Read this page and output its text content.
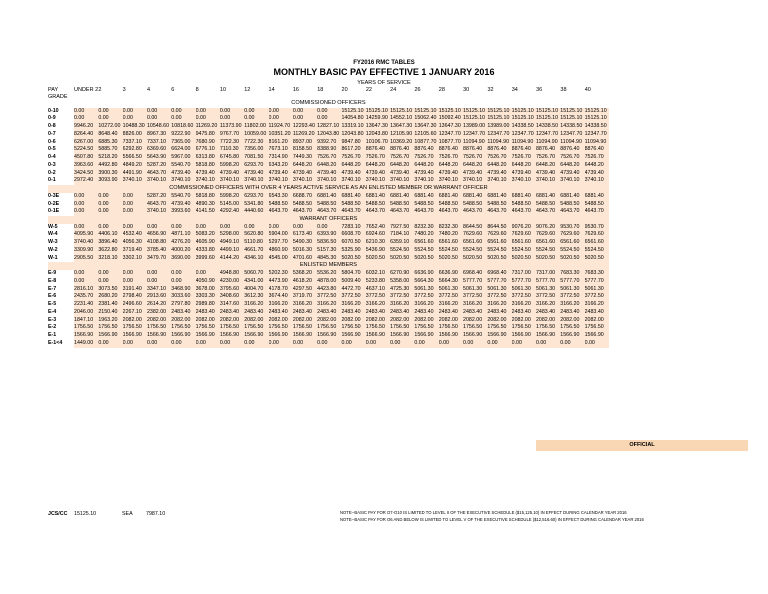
FY2016 RMC TABLES
MONTHLY BASIC PAY EFFECTIVE 1 JANUARY 2016
YEARS OF SERVICE
PAY	UNDER 2 2	3	4	6	8	10	12	14	16	18	20	22	24	26	28	30	32	34	36	38	40
GRADE
COMMISSIONED OFFICERS																						
0-10	0.00	0.00	0.00	0.00	0.00	0.00	0.00	0.00	0.00	0.00	0.00	15125.10	15125.10	15125.10	15125.10	15125.10	15125.10	15125.10	15125.10	15125.10	15125.10	15125.10
0-9	0.00	0.00	0.00	0.00	0.00	0.00	0.00	0.00	0.00	0.00	0.00	14054.80	14259.90	14552.10	15062.40	15092.40	15125.10	15125.10	15125.10	15125.10	15125.10	15125.10
0-8	9946.20	10272.00	10488.30	10548.60	10818.60	11269.20	11373.90	11802.00	11924.70	12293.40	12827.10	13319.10	13647.30	13647.30	13647.30	13647.30	13989.00	13989.00	14338.50	14338.50	14338.50	14338.50
0-7	8264.40	8648.40	8826.00	8967.30	9222.90	9475.80	9767.70	10059.00	10351.20	11269.20	12043.80	12043.80	12043.80	12105.90	12105.60	12347.70	12347.70	12347.70	12347.70	12347.70	12347.70	12347.70
0-6	6267.00	6885.30	7337.10	7337.10	7365.00	7680.90	7722.30	7722.30	8161.20	8937.00	9392.70	9847.80	10106.70	10369.20	10877.70	10877.70	11094.90	11094.90	11094.90	11094.90	11094.90	11094.90
0-5	5224.50	5885.70	6292.80	6369.60	6624.00	6776.10	7110.30	7356.00	7673.10	8158.50	8388.90	8617.20	8876.40	8876.40	8876.40	8876.40	8876.40	8876.40	8876.40	8876.40	8876.40	8876.40
0-4	4507.80	5218.20	5566.50	5643.90	5967.00	6313.80	6745.80	7081.50	7314.90	7449.30	7526.70	7526.70	7526.70	7526.70	7526.70	7526.70	7526.70	7526.70	7526.70	7526.70	7526.70	7526.70
0-3	3963.60	4492.80	4849.20	5287.20	5540.70	5818.80	5998.20	6293.70	6343.20	6448.20	6448.20	6448.20	6448.20	6448.20	6448.20	6448.20	6448.20	6448.20	6448.20	6448.20	6448.20	6448.20
0-2	3424.50	3900.30	4491.90	4643.70	4739.40	4739.40	4739.40	4739.40	4739.40	4739.40	4739.40	4739.40	4739.40	4739.40	4739.40	4739.40	4739.40	4739.40	4739.40	4739.40	4739.40	4739.40
0-1	2972.40	3093.90	3740.10	3740.10	3740.10	3740.10	3740.10	3740.10	3740.10	3740.10	3740.10	3740.10	3740.10	3740.10	3740.10	3740.10	3740.10	3740.10	3740.10	3740.10	3740.10	3740.10
COMMISSIONED OFFICERS WITH OVER 4 YEARS ACTIVE SERVICE AS AN ENLISTED MEMBER OR WARRANT OFFICER																						
0-3E	0.00	0.00	0.00	5287.20	5540.70	5818.80	5998.20	6293.70	6543.30	6688.70	6881.40	6881.40	6881.40	6881.40	6881.40	6881.40	6881.40	6881.40	6881.40	6881.40	6881.40	6881.40
0-2E	0.00	0.00	0.00	4643.70	4739.40	4890.30	5145.00	5341.80	5488.50	5488.50	5488.50	5488.50	5488.50	5488.50	5488.50	5488.50	5488.50	5488.50	5488.50	5488.50	5488.50	5488.50
0-1E	0.00	0.00	0.00	3740.10	3993.60	4141.50	4292.40	4440.60	4643.70	4643.70	4643.70	4643.70	4643.70	4643.70	4643.70	4643.70	4643.70	4643.70	4643.70	4643.70	4643.70	4643.70
WARRANT OFFICERS																						
W-5	0.00	0.00	0.00	0.00	0.00	0.00	0.00	0.00	0.00	0.00	0.00	7283.10	7652.40	7927.50	8232.30	8232.30	8644.50	8644.50	9076.20	9076.20	9530.70	9530.70
W-4	4095.90	4406.10	4532.40	4656.90	4871.10	5083.20	5298.00	5620.80	5904.00	6173.40	6393.90	6608.70	6924.60	7184.10	7480.20	7480.20	7629.60	7629.60	7629.60	7629.60	7629.60	7629.60
W-3	3740.40	3896.40	4056.30	4108.80	4276.20	4605.90	4949.10	5110.80	5297.70	5490.30	5836.50	6070.50	6210.30	6359.10	6561.60	6561.60	6561.60	6561.60	6561.60	6561.60	6561.60	6561.60
W-2	3309.90	3622.80	3719.40	3785.40	4000.20	4333.80	4499.10	4661.70	4860.90	5016.30	5157.30	5325.90	5436.90	5524.50	5524.50	5524.50	5524.50	5524.50	5524.50	5524.50	5524.50	5524.50
W-1	2905.50	3218.10	3302.10	3479.70	3690.00	3999.60	4144.20	4346.10	4545.00	4701.60	4845.30	5020.50	5020.50	5020.50	5020.50	5020.50	5020.50	5020.50	5020.50	5020.50	5020.50	5020.50
ENLISTED MEMBERS																						
E-9	0.00	0.00	0.00	0.00	0.00	0.00	4948.80	5060.70	5202.30	5368.20	5536.20	5804.70	6032.10	6270.90	6636.90	6636.90	6968.40	6968.40	7317.00	7317.00	7683.30	7683.30
E-8	0.00	0.00	0.00	0.00	0.00	4050.90	4230.00	4341.00	4473.90	4618.20	4878.00	5009.40	5233.80	5358.00	5664.30	5664.30	5777.70	5777.70	5777.70	5777.70	5777.70	5777.70
E-7	2816.10	3073.50	3191.40	3347.10	3468.90	3678.00	3795.60	4004.70	4178.70	4297.50	4423.80	4472.70	4637.10	4725.30	5061.30	5061.30	5061.30	5061.30	5061.30	5061.30	5061.30	5061.30
E-6	2435.70	2680.20	2798.40	2913.60	3033.60	3303.30	3408.60	3612.30	3674.40	3719.70	3772.50	3772.50	3772.50	3772.50	3772.50	3772.50	3772.50	3772.50	3772.50	3772.50	3772.50	3772.50
E-5	2231.40	2381.40	2496.60	2614.20	2797.80	2989.80	3147.60	3166.20	3166.20	3166.20	3166.20	3166.20	3166.20	3166.20	3166.20	3166.20	3166.20	3166.20	3166.20	3166.20	3166.20	3166.20
E-4	2046.00	2150.40	2267.10	2382.00	2483.40	2483.40	2483.40	2483.40	2483.40	2483.40	2483.40	2483.40	2483.40	2483.40	2483.40	2483.40	2483.40	2483.40	2483.40	2483.40	2483.40	2483.40
E-3	1847.10	1963.20	2082.00	2082.00	2082.00	2082.00	2082.00	2082.00	2082.00	2082.00	2082.00	2082.00	2082.00	2082.00	2082.00	2082.00	2082.00	2082.00	2082.00	2082.00	2082.00	2082.00
E-2	1756.50	1756.50	1756.50	1756.50	1756.50	1756.50	1756.50	1756.50	1756.50	1756.50	1756.50	1756.50	1756.50	1756.50	1756.50	1756.50	1756.50	1756.50	1756.50	1756.50	1756.50	1756.50
E-1	1566.90	1566.90	1566.90	1566.90	1566.90	1566.90	1566.90	1566.90	1566.90	1566.90	1566.90	1566.90	1566.90	1566.90	1566.90	1566.90	1566.90	1566.90	1566.90	1566.90	1566.90	1566.90
E-1<4	1449.00	0.00	0.00	0.00	0.00	0.00	0.00	0.00	0.00	0.00	0.00	0.00	0.00	0.00	0.00	0.00	0.00	0.00	0.00	0.00	0.00	0.00
JCS/CC 15125.10	SEA	7987.10	NOTE--BASIC PAY FOR O7-O10 IS LIMITED TO LEVEL II OF THE EXECUTIVE SCHEDULE ($15,125.10) IN EFFECT DURING CALENDAR YEAR 2016
NOTE--BASIC PAY FOR O6 AND BELOW IS LIMITED TO LEVEL V OF THE EXECUTIVE SCHEDULE ($12,516.60) IN EFFECT DURING CALENDAR YEAR 2016
OFFICIAL
